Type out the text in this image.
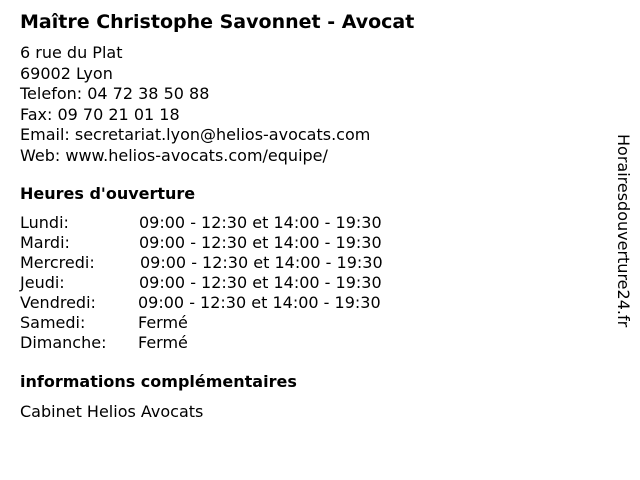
Maître Christophe Savonnet - Avocat
6 rue du Plat
69002 Lyon
Telefon: 04 72 38 50 88
Fax: 09 70 21 01 18
Email: secretariat.lyon@helios-avocats.com
Web: www.helios-avocats.com/equipe/
Heures d'ouverture
Lundi:	09:00 - 12:30 et 14:00 - 19:30
Mardi:	09:00 - 12:30 et 14:00 - 19:30
Mercredi:	09:00 - 12:30 et 14:00 - 19:30
Jeudi:	09:00 - 12:30 et 14:00 - 19:30
Vendredi:	09:00 - 12:30 et 14:00 - 19:30
Samedi:	Fermé
Dimanche: Fermé
informations complémentaires
Cabinet Helios Avocats
Horairesdouverture24.fr
